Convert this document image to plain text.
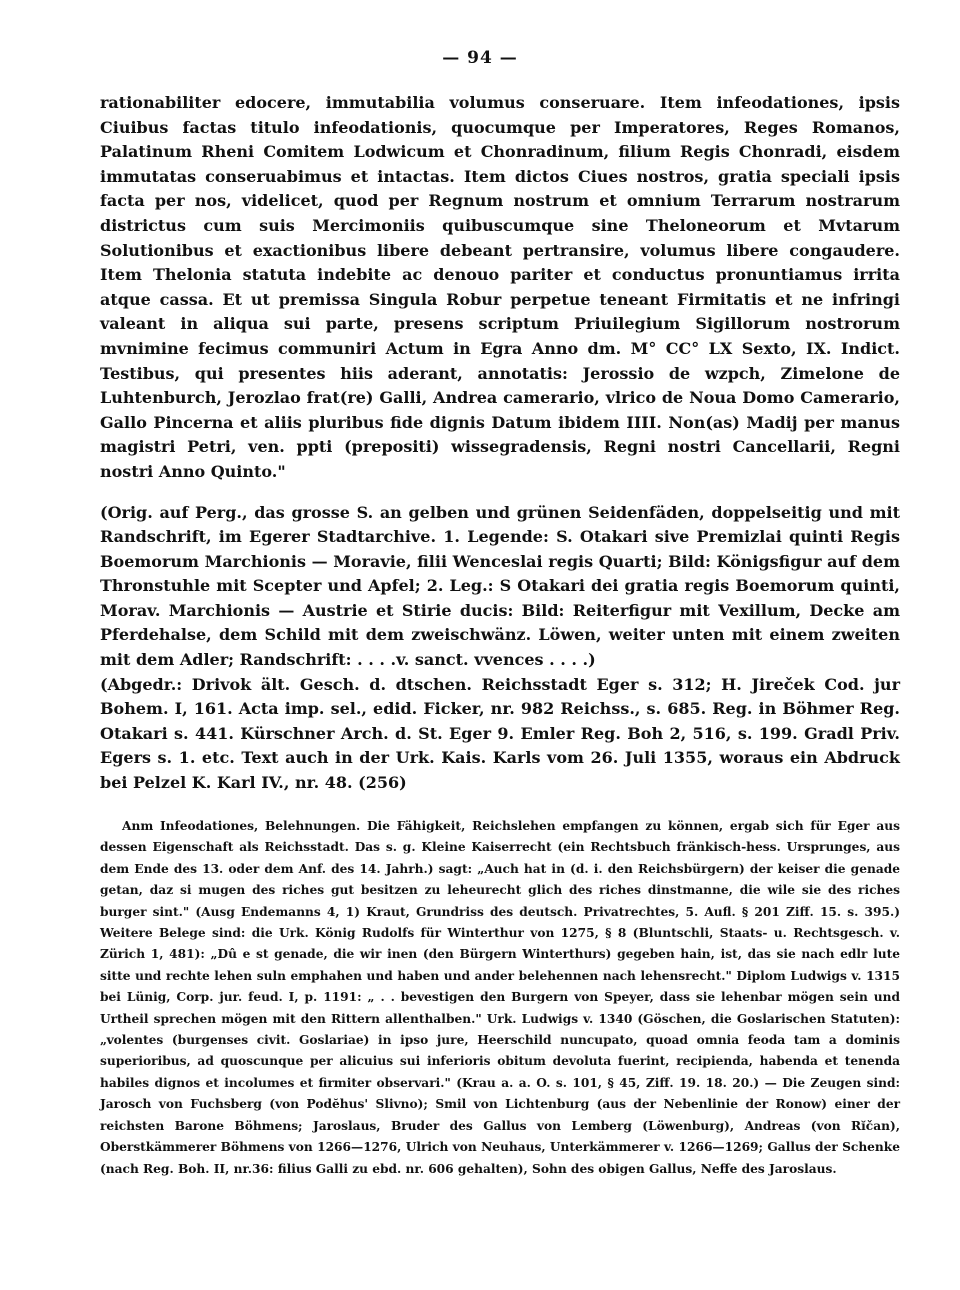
— 94 —

rationabiliter edocere, immutabilia volumus conseruare. Item infeodationes, ipsis Ciuibus factas titulo infeodationis, quocumque per Imperatores, Reges Romanos, Palatinum Rheni Comitem Lodwicum et Chonradinum, filium Regis Chonradi, eisdem immutatas conseruabimus et intactas. Item dictos Ciues nostros, gratia speciali ipsis facta per nos, videlicet, quod per Regnum nostrum et omnium Terrarum nostrarum districtus cum suis Mercimoniis quibuscumque sine Theloneorum et Mvtarum Solutionibus et exactionibus libere debeant pertransire, volumus libere congaudere. Item Thelonia statuta indebite ac denouo pariter et conductus pronuntiamus irrita atque cassa. Et ut premissa Singula Robur perpetue teneant Firmitatis et ne infringi valeant in aliqua sui parte, presens scriptum Priuilegium Sigillorum nostrorum mvnimine fecimus communiri Actum in Egra Anno dm. M° CC° LX Sexto, IX. Indict. Testibus, qui presentes hiis aderant, annotatis: Jerossio de wzpch, Zimelone de Luhtenburch, Jerozlao frat(re) Galli, Andrea camerario, vlrico de Noua Domo Camerario, Gallo Pincerna et aliis pluribus fide dignis Datum ibidem IIII. Non(as) Madij per manus magistri Petri, ven. ppti (prepositi) wissegradensis, Regni nostri Cancellarii, Regni nostri Anno Quinto."

(Orig. auf Perg., das grosse S. an gelben und grünen Seidenfäden, doppelseitig und mit Randschrift, im Egerer Stadtarchive. 1. Legende: S. Otakari sive Premizlai quinti Regis Boemorum Marchionis — Moravie, filii Wenceslai regis Quarti; Bild: Königsfigur auf dem Thronstuhle mit Scepter und Apfel; 2. Leg.: S Otakari dei gratia regis Boemorum quinti, Morav. Marchionis — Austrie et Stirie ducis: Bild: Reiterfigur mit Vexillum, Decke am Pferdehalse, dem Schild mit dem zweischwänz. Löwen, weiter unten mit einem zweiten mit dem Adler; Randschrift: . . . .v. sanct. vvences . . . .)

(Abgedr.: Drivok ält. Gesch. d. dtschen. Reichsstadt Eger s. 312; H. Jireček Cod. jur Bohem. I, 161. Acta imp. sel., edid. Ficker, nr. 982 Reichss., s. 685. Reg. in Böhmer Reg. Otakari s. 441. Kürschner Arch. d. St. Eger 9. Emler Reg. Boh 2, 516, s. 199. Gradl Priv. Egers s. 1. etc. Text auch in der Urk. Kais. Karls vom 26. Juli 1355, woraus ein Abdruck bei Pelzel K. Karl IV., nr. 48. (256)

Anm Infeodationes, Belehnungen. Die Fähigkeit, Reichslehen empfangen zu können, ergab sich für Eger aus dessen Eigenschaft als Reichsstadt. Das s. g. Kleine Kaiserrecht (ein Rechtsbuch fränkisch-hess. Ursprunges, aus dem Ende des 13. oder dem Anf. des 14. Jahrh.) sagt: „Auch hat in (d. i. den Reichsbürgern) der keiser die genade getan, daz si mugen des riches gut besitzen zu leheurecht glich des riches dinstmanne, die wile sie des riches burger sint." (Ausg Endemanns 4, 1) Kraut, Grundriss des deutsch. Privatrechtes, 5. Aufl. § 201 Ziff. 15. s. 395.) Weitere Belege sind: die Urk. König Rudolfs für Winterthur von 1275, § 8 (Bluntschli, Staats- u. Rechtsgesch. v. Zürich 1, 481): „Dû e st genade, die wir inen (den Bürgern Winterthurs) gegeben hain, ist, das sie nach edlr lute sitte und rechte lehen suln emphahen und haben und ander belehennen nach lehensrecht." Diplom Ludwigs v. 1315 bei Lünig, Corp. jur. feud. I, p. 1191: „ . . bevestigen den Burgern von Speyer, dass sie lehenbar mögen sein und Urtheil sprechen mögen mit den Rittern allenthalben." Urk. Ludwigs v. 1340 (Göschen, die Goslarischen Statuten): „volentes (burgenses civit. Goslariae) in ipso jure, Heerschild nuncupato, quoad omnia feoda tam a dominis superioribus, ad quoscunque per alicuius sui inferioris obitum devoluta fuerint, recipienda, habenda et tenenda habiles dignos et incolumes et firmiter observari." (Krau a. a. O. s. 101, § 45, Ziff. 19. 18. 20.) — Die Zeugen sind: Jarosch von Fuchsberg (von Podĕhus' Slivno); Smil von Lichtenburg (aus der Nebenlinie der Ronow) einer der reichsten Barone Böhmens; Jaroslaus, Bruder des Gallus von Lemberg (Löwenburg), Andreas (von Rĭčan), Oberstkämmerer Böhmens von 1266—1276, Ulrich von Neuhaus, Unterkämmerer v. 1266—1269; Gallus der Schenke (nach Reg. Boh. II, nr.36: filius Galli zu ebd. nr. 606 gehalten), Sohn des obigen Gallus, Neffe des Jaroslaus.
